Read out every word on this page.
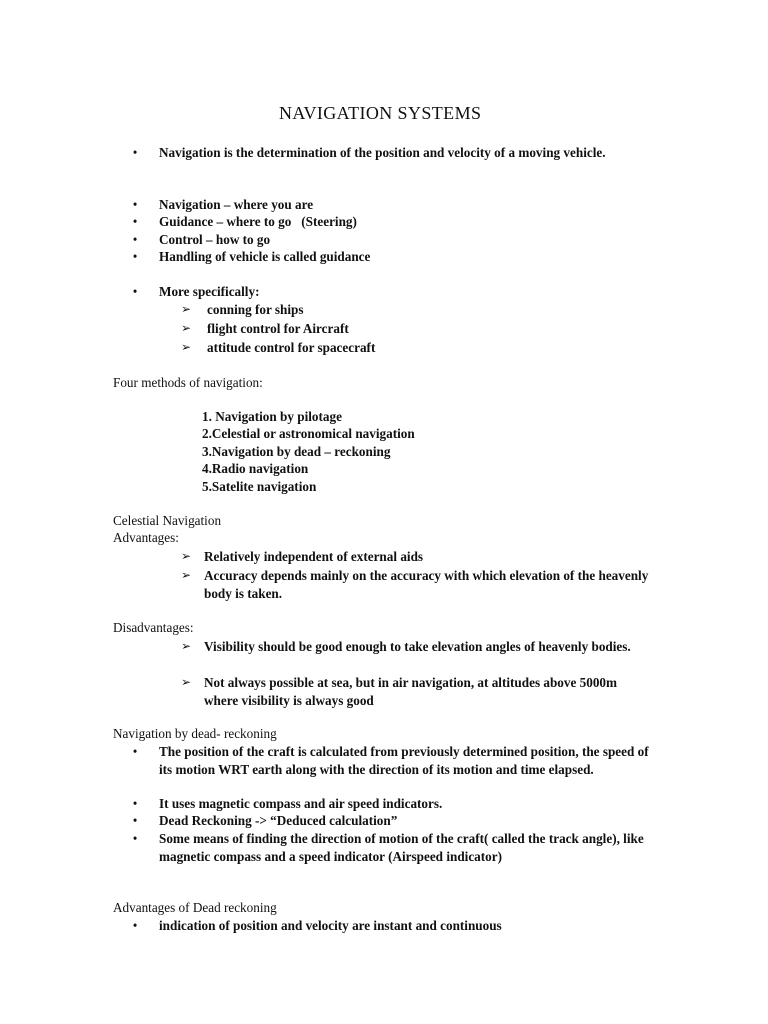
NAVIGATION SYSTEMS
• Navigation is the determination of the position and velocity of a moving vehicle.
• Navigation – where you are
• Guidance – where to go   (Steering)
• Control – how to go
• Handling of vehicle is called guidance
• More specifically:
➢ conning for ships
➢ flight control for Aircraft
➢ attitude control for spacecraft
Four methods of navigation:
1. Navigation by pilotage
2.Celestial or astronomical navigation
3.Navigation by dead – reckoning
4.Radio navigation
5.Satelite navigation
Celestial Navigation
Advantages:
➢ Relatively independent of external aids
➢ Accuracy depends mainly on the accuracy with which elevation of the heavenly body is taken.
Disadvantages:
➢ Visibility should be good enough to take elevation angles of heavenly bodies.
➢ Not always possible at sea, but in air navigation, at altitudes above 5000m where visibility is always good
Navigation by dead- reckoning
• The position of the craft is calculated from previously determined position, the speed of its motion WRT earth along with the direction of its motion and time elapsed.
• It uses magnetic compass and air speed indicators.
• Dead Reckoning -> “Deduced calculation”
• Some means of finding the direction of motion of the craft( called the track angle), like magnetic compass and a speed indicator (Airspeed indicator)
Advantages of Dead reckoning
• indication of position and velocity are instant and continuous
